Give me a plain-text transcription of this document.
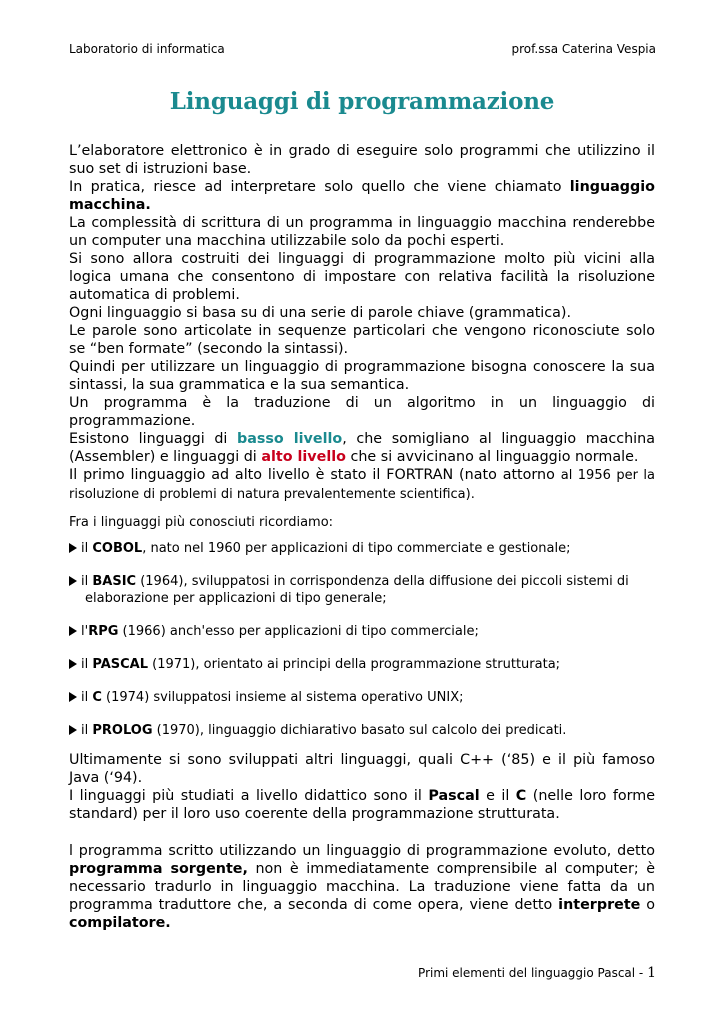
Laboratorio di informatica	prof.ssa Caterina Vespia
Linguaggi di programmazione

L’elaboratore elettronico è in grado di eseguire solo programmi che utilizzino il suo set di istruzioni base.

In pratica, riesce ad interpretare solo quello che viene chiamato linguaggio macchina.

La complessità di scrittura di un programma in linguaggio macchina renderebbe un computer una macchina utilizzabile solo da pochi esperti.

Si sono allora costruiti dei linguaggi di programmazione molto più vicini alla logica umana che consentono di impostare con relativa facilità la risoluzione automatica di problemi.

Ogni linguaggio si basa su di una serie di parole chiave (grammatica).

Le parole sono articolate in sequenze particolari che vengono riconosciute solo se “ben formate” (secondo la sintassi).

Quindi per utilizzare un linguaggio di programmazione bisogna conoscere la sua sintassi, la sua grammatica e la sua semantica.

Un programma è la traduzione di un algoritmo in un linguaggio di programmazione.

Esistono linguaggi di basso livello, che somigliano al linguaggio macchina (Assembler) e linguaggi di alto livello che si avvicinano al linguaggio normale.

Il primo linguaggio ad alto livello è stato il FORTRAN (nato attorno al 1956 per la risoluzione di problemi di natura prevalentemente scientifica).

Fra i linguaggi più conosciuti ricordiamo:

il COBOL, nato nel 1960 per applicazioni di tipo commerciate e gestionale;
il BASIC (1964), sviluppatosi in corrispondenza della diffusione dei piccoli sistemi di elaborazione per applicazioni di tipo generale;
l'RPG (1966) anch'esso per applicazioni di tipo commerciale;
il PASCAL (1971), orientato ai principi della programmazione strutturata;
il C (1974) sviluppatosi insieme al sistema operativo UNIX;
il PROLOG (1970), linguaggio dichiarativo basato sul calcolo dei predicati.

Ultimamente si sono sviluppati altri linguaggi, quali C++ (‘85) e il più famoso Java (‘94).

I linguaggi più studiati a livello didattico sono il Pascal e il C (nelle loro forme standard) per il loro uso coerente della programmazione strutturata.

l programma scritto utilizzando un linguaggio di programmazione evoluto, detto programma sorgente, non è immediatamente comprensibile al computer; è necessario tradurlo in linguaggio macchina. La traduzione viene fatta da un programma traduttore che, a seconda di come opera, viene detto interprete o compilatore.

Primi elementi del linguaggio Pascal - 1
